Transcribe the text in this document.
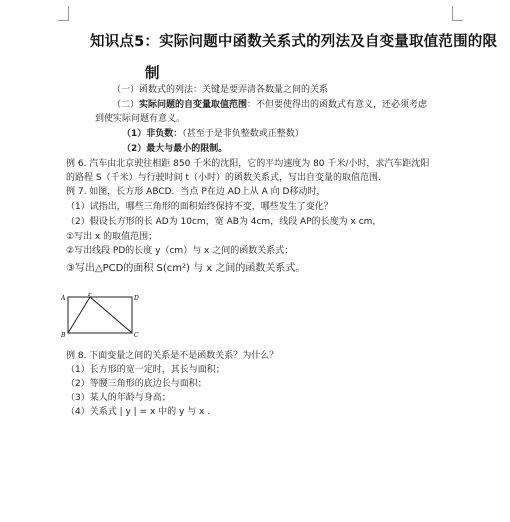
知识点5：实际问题中函数关系式的列法及自变量取值范围的限
制
（一）函数式的列法：关键是要弄清各数量之间的关系
（二）实际问题的自变量取值范围：不但要使得出的函数式有意义，还必须考虑
到使实际问题有意义。
（1）非负数：（甚至于是非负整数或正整数）
（2）最大与最小的限制。
例 6. 汽车由北京驶往相距 850 千米的沈阳，它的平均速度为 80 千米/小时，求汽车距沈阳
的路程 S（千米）与行驶时间 t（小时）的函数关系式，写出自变量的取值范围.
例 7. 如图，长方形 ABCD．当点 P在边 AD上从 A 向 D移动时，
（1）试指出，哪些三角形的面积始终保持不变，哪些发生了变化？
（2）假设长方形的长 AD为 10cm，宽 AB为 4cm，线段 AP的长度为 x cm，
①写出 x 的取值范围；
②写出线段 PD的长度 y（cm）与 x 之间的函数关系式；
③写出△PCD的面积 S(cm²) 与 x 之间的函数关系式。
A
P
D
B	C
例 8. 下面变量之间的关系是不是函数关系？为什么？
（1）长方形的宽一定时，其长与面积；
（2）等腰三角形的底边长与面积；
（3）某人的年龄与身高；
（4）关系式 | y | = x 中的 y 与 x .
